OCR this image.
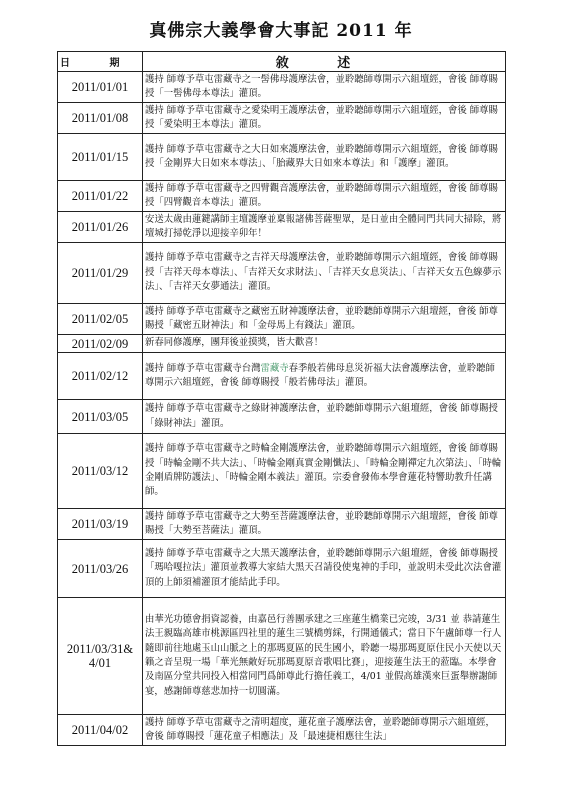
真佛宗大義學會大事記 2011 年
日 期	敘 述
2011/01/01	護持 師尊予草屯雷藏寺之一髻佛母護摩法會，並聆聽師尊開示六組壇經，會後 師尊賜授「一髻佛母本尊法」灌頂。
2011/01/08	護持 師尊予草屯雷藏寺之愛染明王護摩法會，並聆聽師尊開示六組壇經，會後 師尊賜授「愛染明王本尊法」灌頂。
2011/01/15	護持 師尊予草屯雷藏寺之大日如來護摩法會，並聆聽師尊開示六組壇經，會後 師尊賜授「金剛界大日如來本尊法」、「胎藏界大日如來本尊法」和「護摩」灌頂。
2011/01/22	護持 師尊予草屯雷藏寺之四臂觀音護摩法會，並聆聽師尊開示六組壇經，會後 師尊賜授「四臂觀音本尊法」灌頂。
2011/01/26	安送太歲由蓮鍵講師主壇護摩並稟報諸佛菩薩聖眾，是日並由全體同門共同大掃除，將壇城打掃乾淨以迎接辛卯年！
2011/01/29	護持 師尊予草屯雷藏寺之吉祥天母護摩法會，並聆聽師尊開示六組壇經，會後 師尊賜授「吉祥天母本尊法」、「吉祥天女求財法」、「吉祥天女息災法」、「吉祥天女五色線夢示法」、「吉祥天女夢通法」灌頂。
2011/02/05	護持 師尊予草屯雷藏寺之藏密五財神護摩法會，並聆聽師尊開示六組壇經，會後 師尊賜授「藏密五財神法」和「金母馬上有錢法」灌頂。
2011/02/09	新春同修護摩，團拜後並摸獎，皆大歡喜！
2011/02/12	護持 師尊予草屯雷藏寺台灣雷藏寺春季般若佛母息災祈福大法會護摩法會，並聆聽師尊開示六組壇經，會後 師尊賜授「般若佛母法」灌頂。
2011/03/05	護持 師尊予草屯雷藏寺之綠財神護摩法會，並聆聽師尊開示六組壇經，會後 師尊賜授「綠財神法」灌頂。
2011/03/12	護持 師尊予草屯雷藏寺之時輪金剛護摩法會，並聆聽師尊開示六組壇經，會後 師尊賜授「時輪金剛不共大法」、「時輪金剛真實金剛懺法」、「時輪金剛禪定九次第法」、「時輪金剛盾牌防護法」、「時輪金剛本義法」灌頂。宗委會發佈本學會蓮花特響助教升任講師。
2011/03/19	護持 師尊予草屯雷藏寺之大勢至菩薩護摩法會，並聆聽師尊開示六組壇經，會後 師尊賜授「大勢至菩薩法」灌頂。
2011/03/26	護持 師尊予草屯雷藏寺之大黑天護摩法會，並聆聽師尊開示六組壇經，會後 師尊賜授「瑪哈嘎拉法」灌頂並教導大家結大黑天召請役使鬼神的手印，並說明未受此次法會灌頂的上師須補灌頂才能結此手印。
2011/03/31& 4/01	由華光功德會捐資認養，由嘉邑行善團承建之三座蓮生橋業已完竣，3/31 並 恭請蓮生法王親臨高雄市桃源區四社里的蓮生三號橋剪綵，行開通儀式；當日下午盧師尊一行人隨即前往地處玉山山脈之上的那瑪夏區的民生國小，聆聽一場那瑪夏原住民小天使以天籟之音呈現一場「華光無敵好玩那瑪夏原音歌唱比賽」，迎接蓮生法王的蒞臨。本學會及南區分堂共同投入相當同門爲師尊此行擔任義工，4/01 並假高雄漢來巨蛋舉辦謝師宴，感謝師尊慈悲加持一切圓滿。
2011/04/02	護持 師尊予草屯雷藏寺之清明超度，蓮花童子護摩法會，並聆聽師尊開示六組壇經，會後 師尊賜授「蓮花童子相應法」及「最速捷相應往生法」
